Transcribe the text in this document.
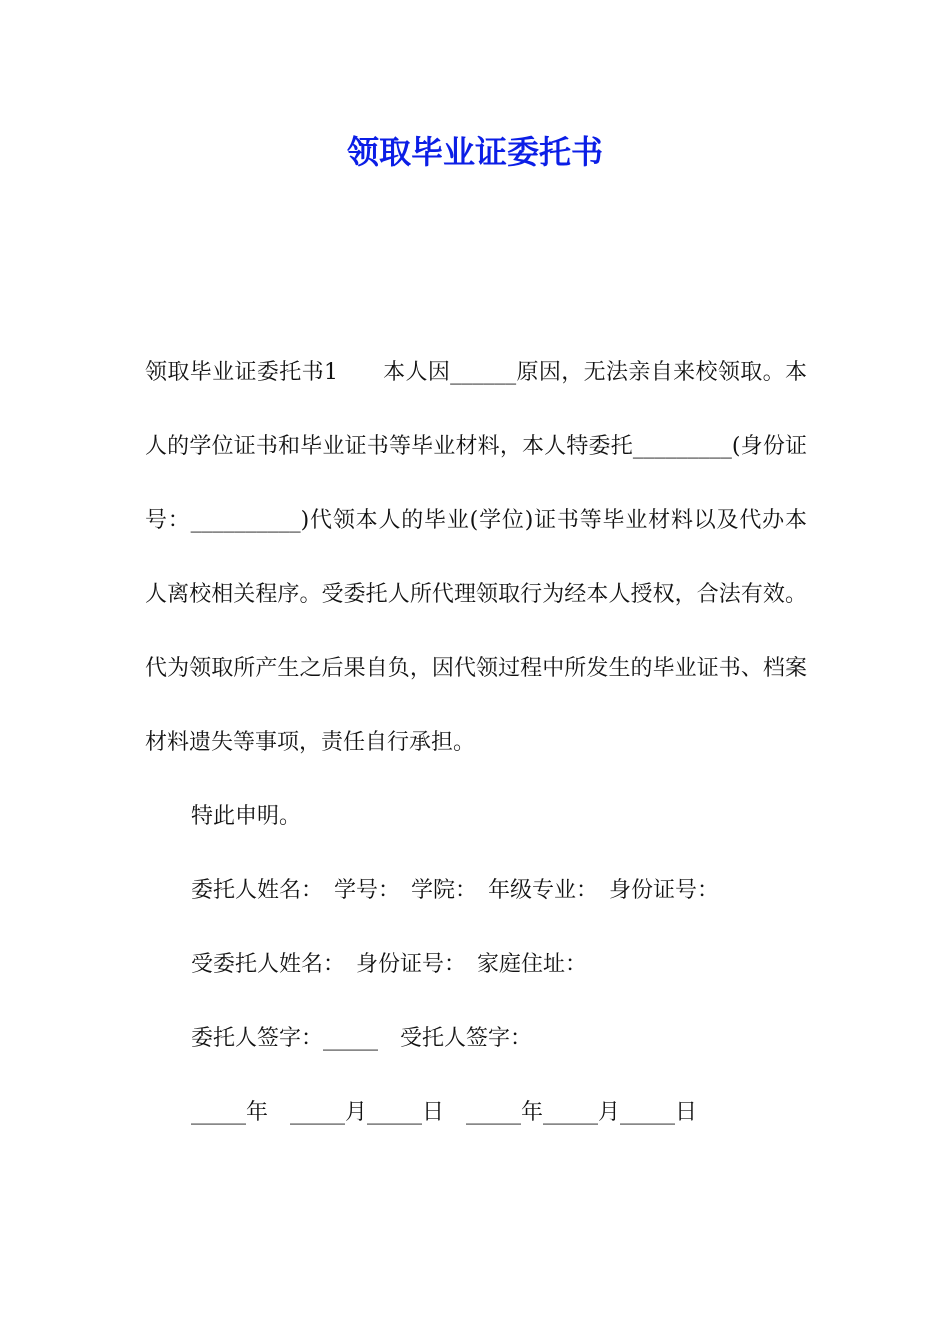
领取毕业证委托书

领取毕业证委托书1　　本人因______原因，无法亲自来校领取。本人的学位证书和毕业证书等毕业材料，本人特委托_________(身份证号：__________)代领本人的毕业(学位)证书等毕业材料以及代办本人离校相关程序。受委托人所代理领取行为经本人授权，合法有效。代为领取所产生之后果自负，因代领过程中所发生的毕业证书、档案材料遗失等事项，责任自行承担。

特此申明。

委托人姓名：　学号：　学院：　年级专业：　身份证号：

受委托人姓名：　身份证号：　家庭住址：

委托人签字：_____　受托人签字：

_____年　_____月_____日　_____年_____月_____日
